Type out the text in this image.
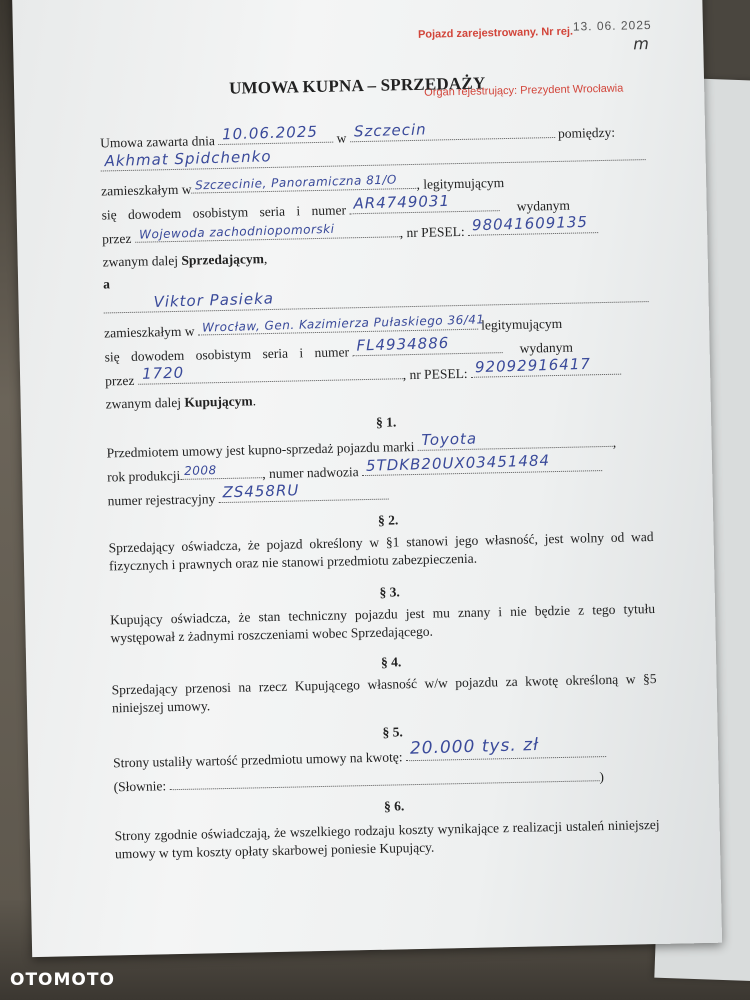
m
Pojazd zarejestrowany. Nr rej. 13. 06. 2025
Organ rejestrujący: Prezydent Wrocławia
UMOWA KUPNA – SPRZEDAŻY
Umowa zawarta dnia 10.06.2025 w Szczecin	pomiędzy:
Akhmat Spidchenko
zamieszkałym w Szczecinie, Panoramiczna 81/O , legitymującym
się dowodem osobistym seria i numer
AR4749031	wydanym
przez Wojewoda zachodniopomorski	, nr PESEL: 98041609135
zwanym dalej Sprzedającym,
a
Viktor Pasieka
zamieszkałym w Wrocław, Gen. Kazimierza Pułaskiego 36/41
legitymującym
się dowodem osobistym seria i numer
FL4934886	wydanym
przez 1720	, nr PESEL: 92092916417
zwanym dalej Kupującym.
§ 1.
Przedmiotem umowy jest kupno-sprzedaż pojazdu marki Toyota	,
rok produkcji 2008	, numer nadwozia 5TDKB20UX03451484
numer rejestracyjny ZS458RU
§ 2.
Sprzedający oświadcza, że pojazd określony w §1 stanowi jego własność, jest wolny od wad fizycznych i prawnych oraz nie stanowi przedmiotu zabezpieczenia.
§ 3.
Kupujący oświadcza, że stan techniczny pojazdu jest mu znany i nie będzie z tego tytułu występował z żadnymi roszczeniami wobec Sprzedającego.
§ 4.
Sprzedający przenosi na rzecz Kupującego własność w/w pojazdu za kwotę określoną w §5 niniejszej umowy.
§ 5.
Strony ustaliły wartość przedmiotu umowy na kwotę:
20.000 tys. zł
(Słownie: )
§ 6.
Strony zgodnie oświadczają, że wszelkiego rodzaju koszty wynikające z realizacji ustaleń niniejszej umowy w tym koszty opłaty skarbowej poniesie Kupujący.
OTOMOTO
